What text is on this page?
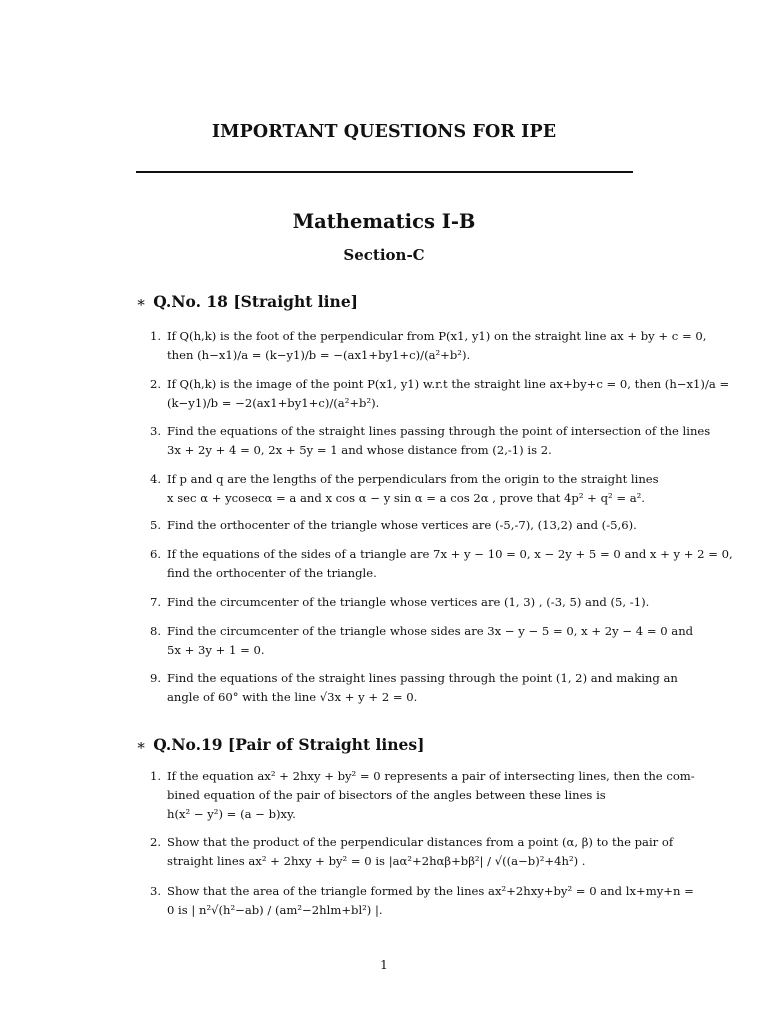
IMPORTANT QUESTIONS FOR IPE
Mathematics I-B
Section-C
∗ Q.No. 18 [Straight line]
1. If Q(h,k) is the foot of the perpendicular from P(x1, y1) on the straight line ax + by + c = 0,
then (h−x1)/a = (k−y1)/b = −(ax1+by1+c)/(a²+b²).
2. If Q(h,k) is the image of the point P(x1, y1) w.r.t the straight line ax+by+c = 0, then (h−x1)/a =
(k−y1)/b = −2(ax1+by1+c)/(a²+b²).
3. Find the equations of the straight lines passing through the point of intersection of the lines
3x + 2y + 4 = 0, 2x + 5y = 1 and whose distance from (2,-1) is 2.
4. If p and q are the lengths of the perpendiculars from the origin to the straight lines
x sec α + ycosecα = a and x cos α − y sin α = a cos 2α , prove that 4p² + q² = a².
5. Find the orthocenter of the triangle whose vertices are (-5,-7), (13,2) and (-5,6).
6. If the equations of the sides of a triangle are 7x + y − 10 = 0, x − 2y + 5 = 0 and x + y + 2 = 0,
find the orthocenter of the triangle.
7. Find the circumcenter of the triangle whose vertices are (1, 3) , (-3, 5) and (5, -1).
8. Find the circumcenter of the triangle whose sides are 3x − y − 5 = 0, x + 2y − 4 = 0 and
5x + 3y + 1 = 0.
9. Find the equations of the straight lines passing through the point (1, 2) and making an
angle of 60° with the line √3x + y + 2 = 0.
∗ Q.No.19 [Pair of Straight lines]
1. If the equation ax² + 2hxy + by² = 0 represents a pair of intersecting lines, then the com-
bined equation of the pair of bisectors of the angles between these lines is
h(x² − y²) = (a − b)xy.
2. Show that the product of the perpendicular distances from a point (α, β) to the pair of
straight lines ax² + 2hxy + by² = 0 is |aα²+2hαβ+bβ²| / √((a−b)²+4h²) .
3. Show that the area of the triangle formed by the lines ax²+2hxy+by² = 0 and lx+my+n =
0 is | n²√(h²−ab) / (am²−2hlm+bl²) |.
1
